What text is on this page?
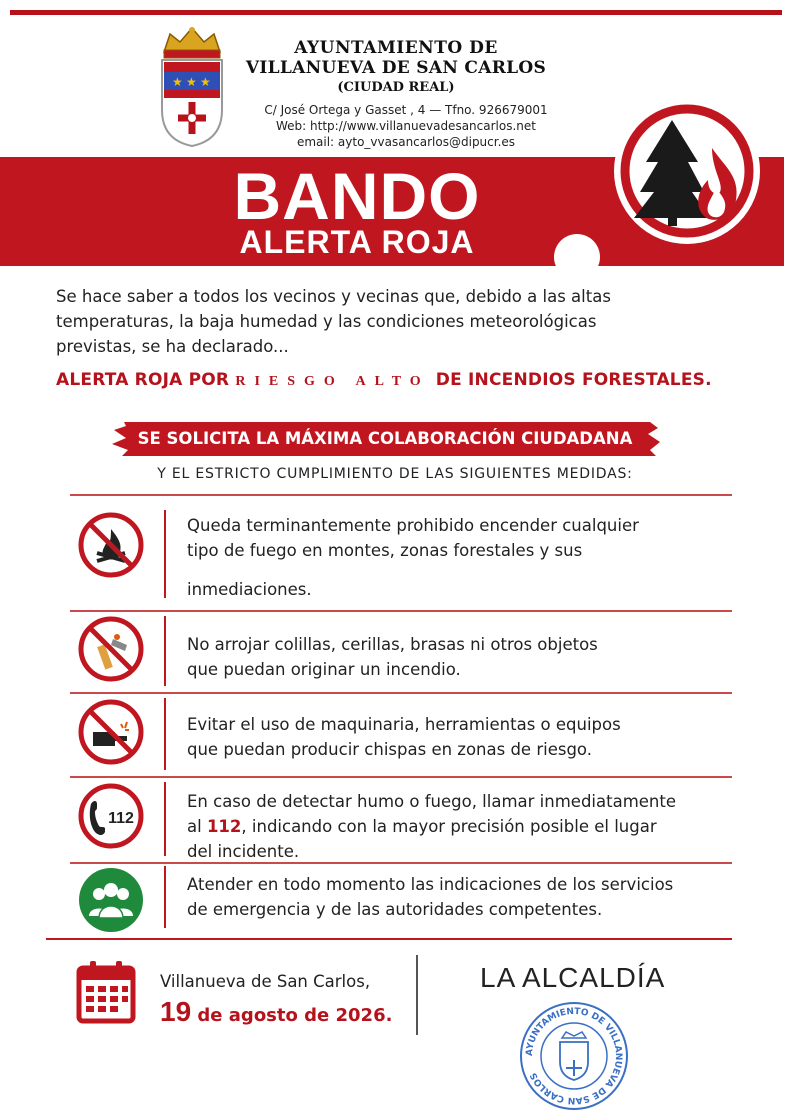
★ ★ ★
AYUNTAMIENTO DE
VILLANUEVA DE SAN CARLOS
(CIUDAD REAL)
C/ José Ortega y Gasset , 4 — Tfno. 926679001
Web: http://www.villanuevadesancarlos.net
email: ayto_vvasancarlos@dipucr.es
BANDO
ALERTA ROJA
Se hace saber a todos los vecinos y vecinas que, debido a las altas
temperaturas, la baja humedad y las condiciones meteorológicas
previstas, se ha declarado...
ALERTA ROJA POR RIESGO ALTO DE INCENDIOS FORESTALES.
SE SOLICITA LA MÁXIMA COLABORACIÓN CIUDADANA
Y EL ESTRICTO CUMPLIMIENTO DE LAS SIGUIENTES MEDIDAS:
Queda terminantemente prohibido encender cualquier
tipo de fuego en montes, zonas forestales y sus
inmediaciones.
No arrojar colillas, cerillas, brasas ni otros objetos
que puedan originar un incendio.
Evitar el uso de maquinaria, herramientas o equipos
que puedan producir chispas en zonas de riesgo.
112
En caso de detectar humo o fuego, llamar inmediatamente
al 112, indicando con la mayor precisión posible el lugar
del incidente.
Atender en todo momento las indicaciones de los servicios
de emergencia y de las autoridades competentes.
Villanueva de San Carlos,
19 de agosto de 2026.
LA ALCALDÍA
AYUNTAMIENTO DE VILLANUEVA DE SAN CARLOS
